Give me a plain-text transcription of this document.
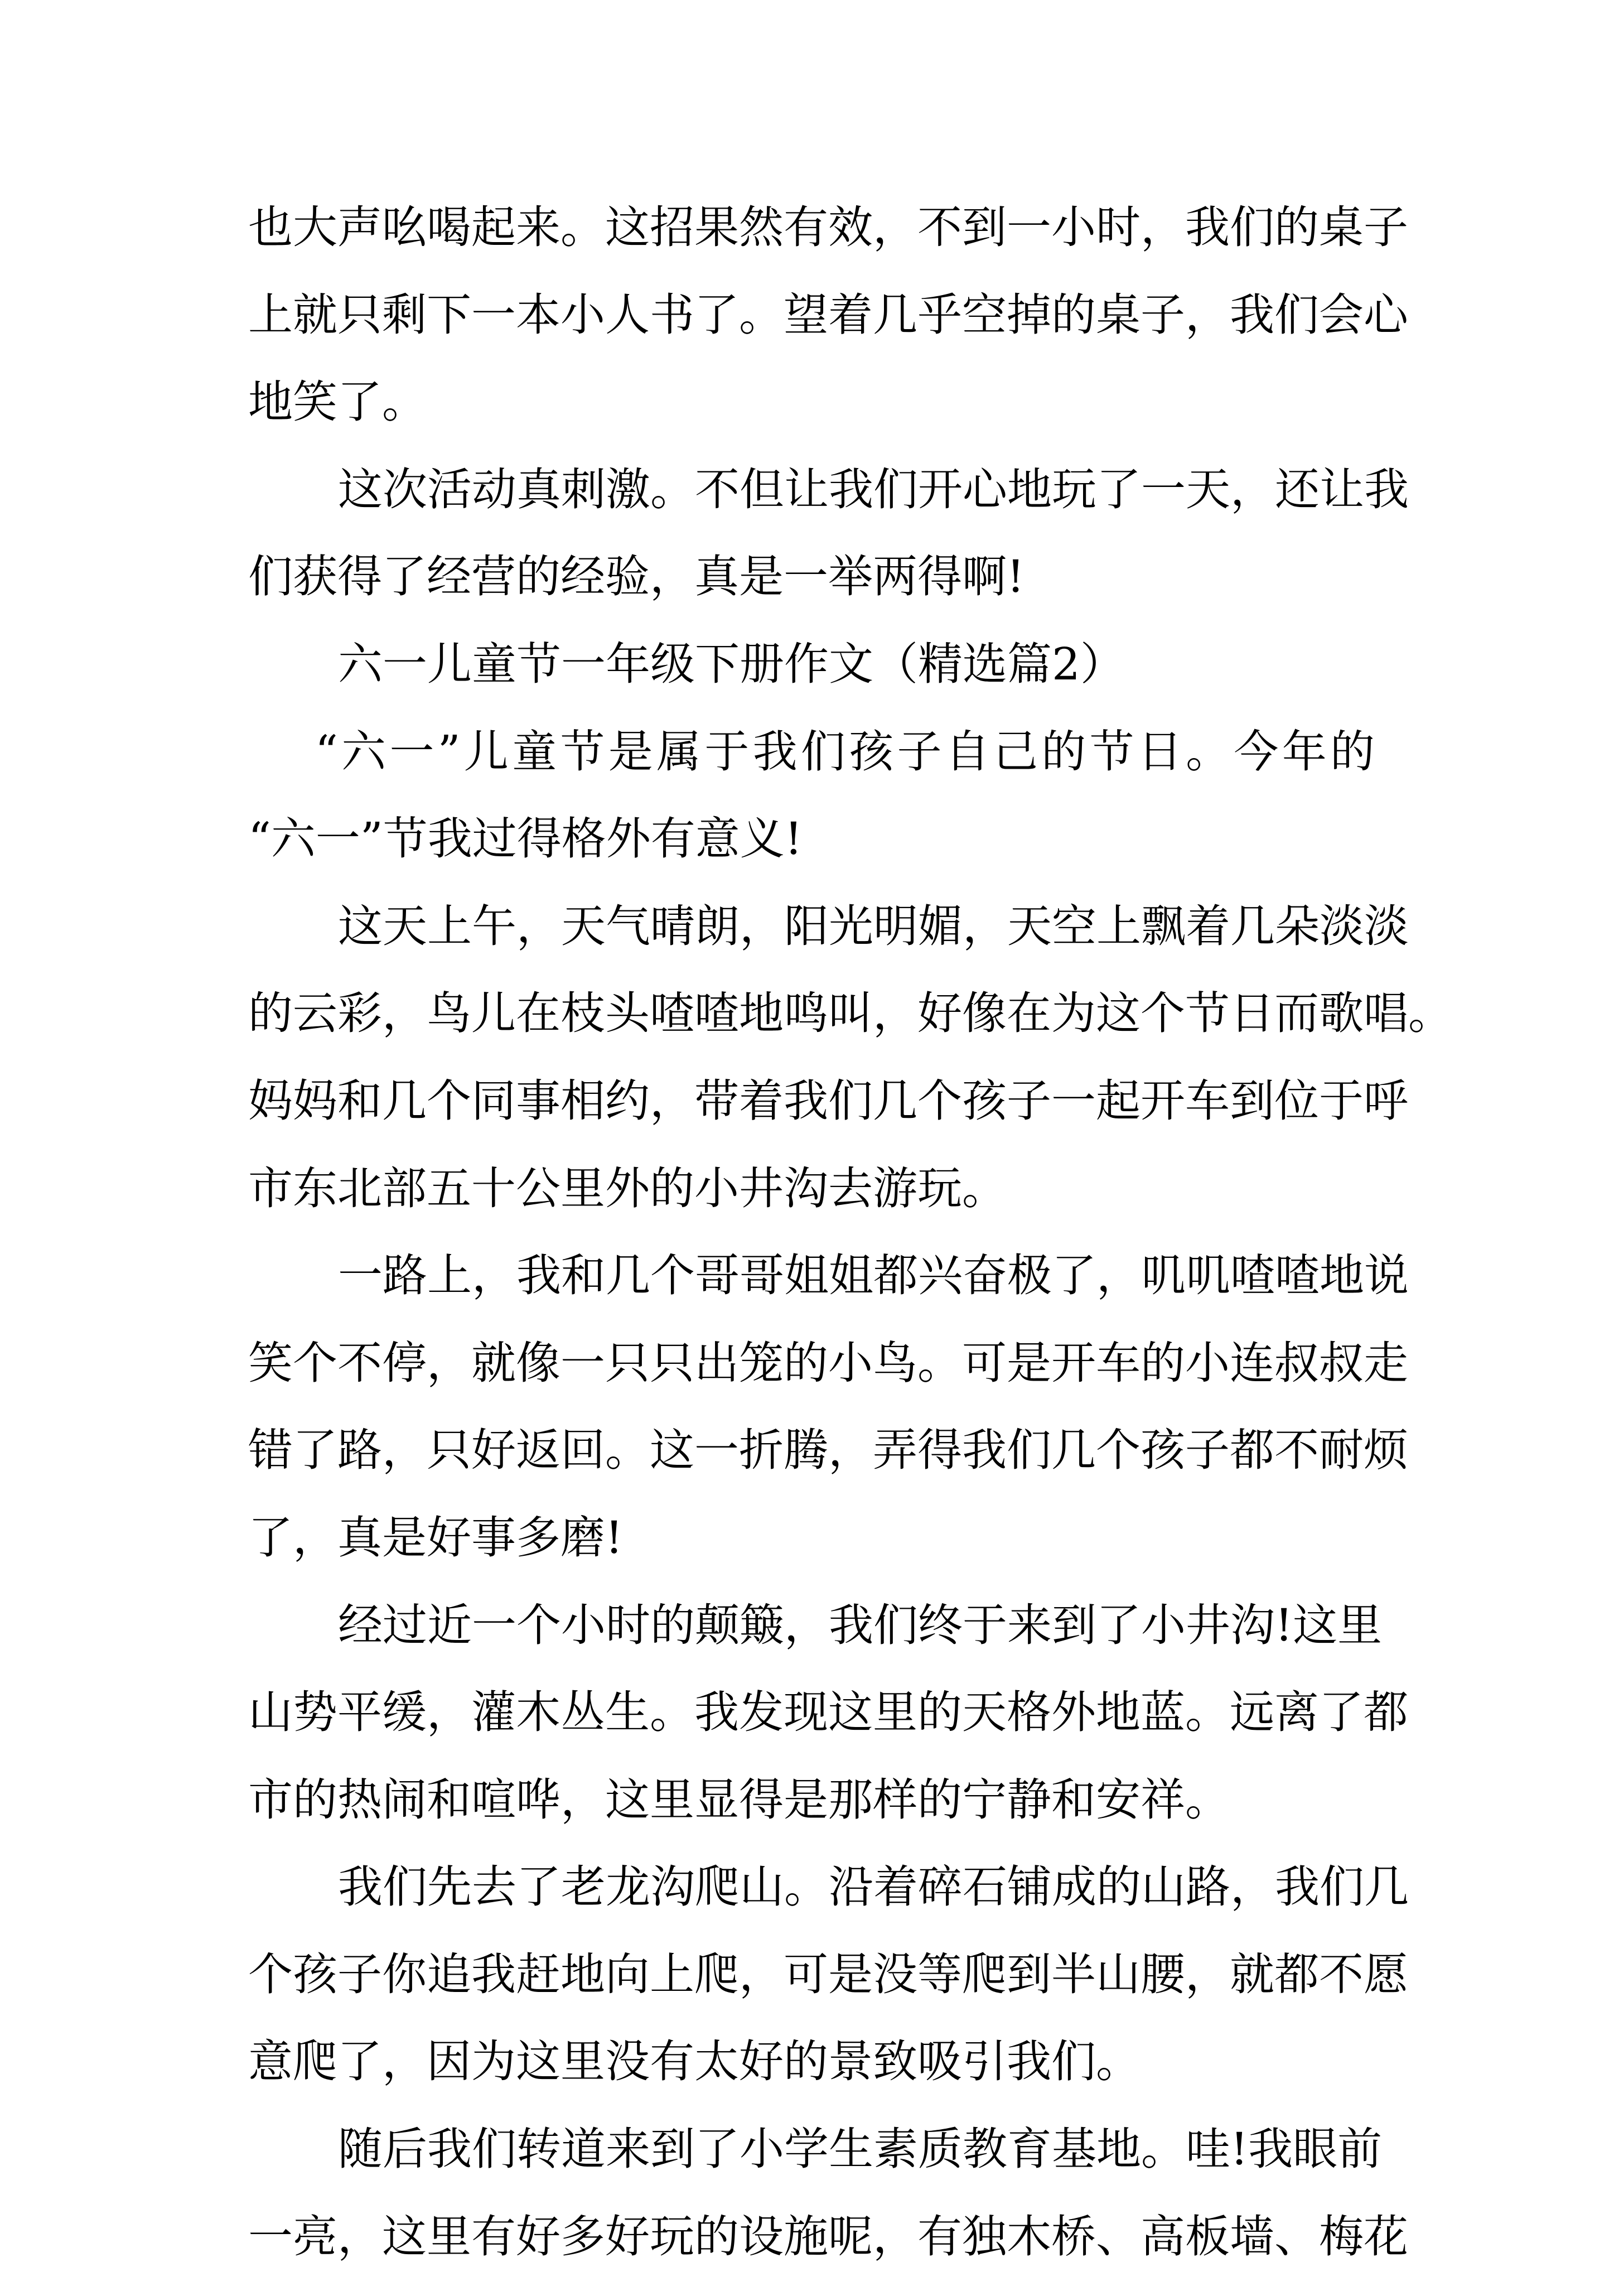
也大声吆喝起来。这招果然有效，不到一小时，我们的桌子
上就只剩下一本小人书了。望着几乎空掉的桌子，我们会心
地笑了。
这次活动真刺激。不但让我们开心地玩了一天，还让我
们获得了经营的经验，真是一举两得啊!
六一儿童节一年级下册作文（精选篇2）
“六一”儿童节是属于我们孩子自己的节日。今年的
“六一”节我过得格外有意义!
这天上午，天气晴朗，阳光明媚，天空上飘着几朵淡淡
的云彩，鸟儿在枝头喳喳地鸣叫，好像在为这个节日而歌唱。
妈妈和几个同事相约，带着我们几个孩子一起开车到位于呼
市东北部五十公里外的小井沟去游玩。
一路上，我和几个哥哥姐姐都兴奋极了，叽叽喳喳地说
笑个不停，就像一只只出笼的小鸟。可是开车的小连叔叔走
错了路，只好返回。这一折腾，弄得我们几个孩子都不耐烦
了，真是好事多磨!
经过近一个小时的颠簸，我们终于来到了小井沟!这里
山势平缓，灌木丛生。我发现这里的天格外地蓝。远离了都
市的热闹和喧哗，这里显得是那样的宁静和安祥。
我们先去了老龙沟爬山。沿着碎石铺成的山路，我们几
个孩子你追我赶地向上爬，可是没等爬到半山腰，就都不愿
意爬了，因为这里没有太好的景致吸引我们。
随后我们转道来到了小学生素质教育基地。哇!我眼前
一亮，这里有好多好玩的设施呢，有独木桥、高板墙、梅花
